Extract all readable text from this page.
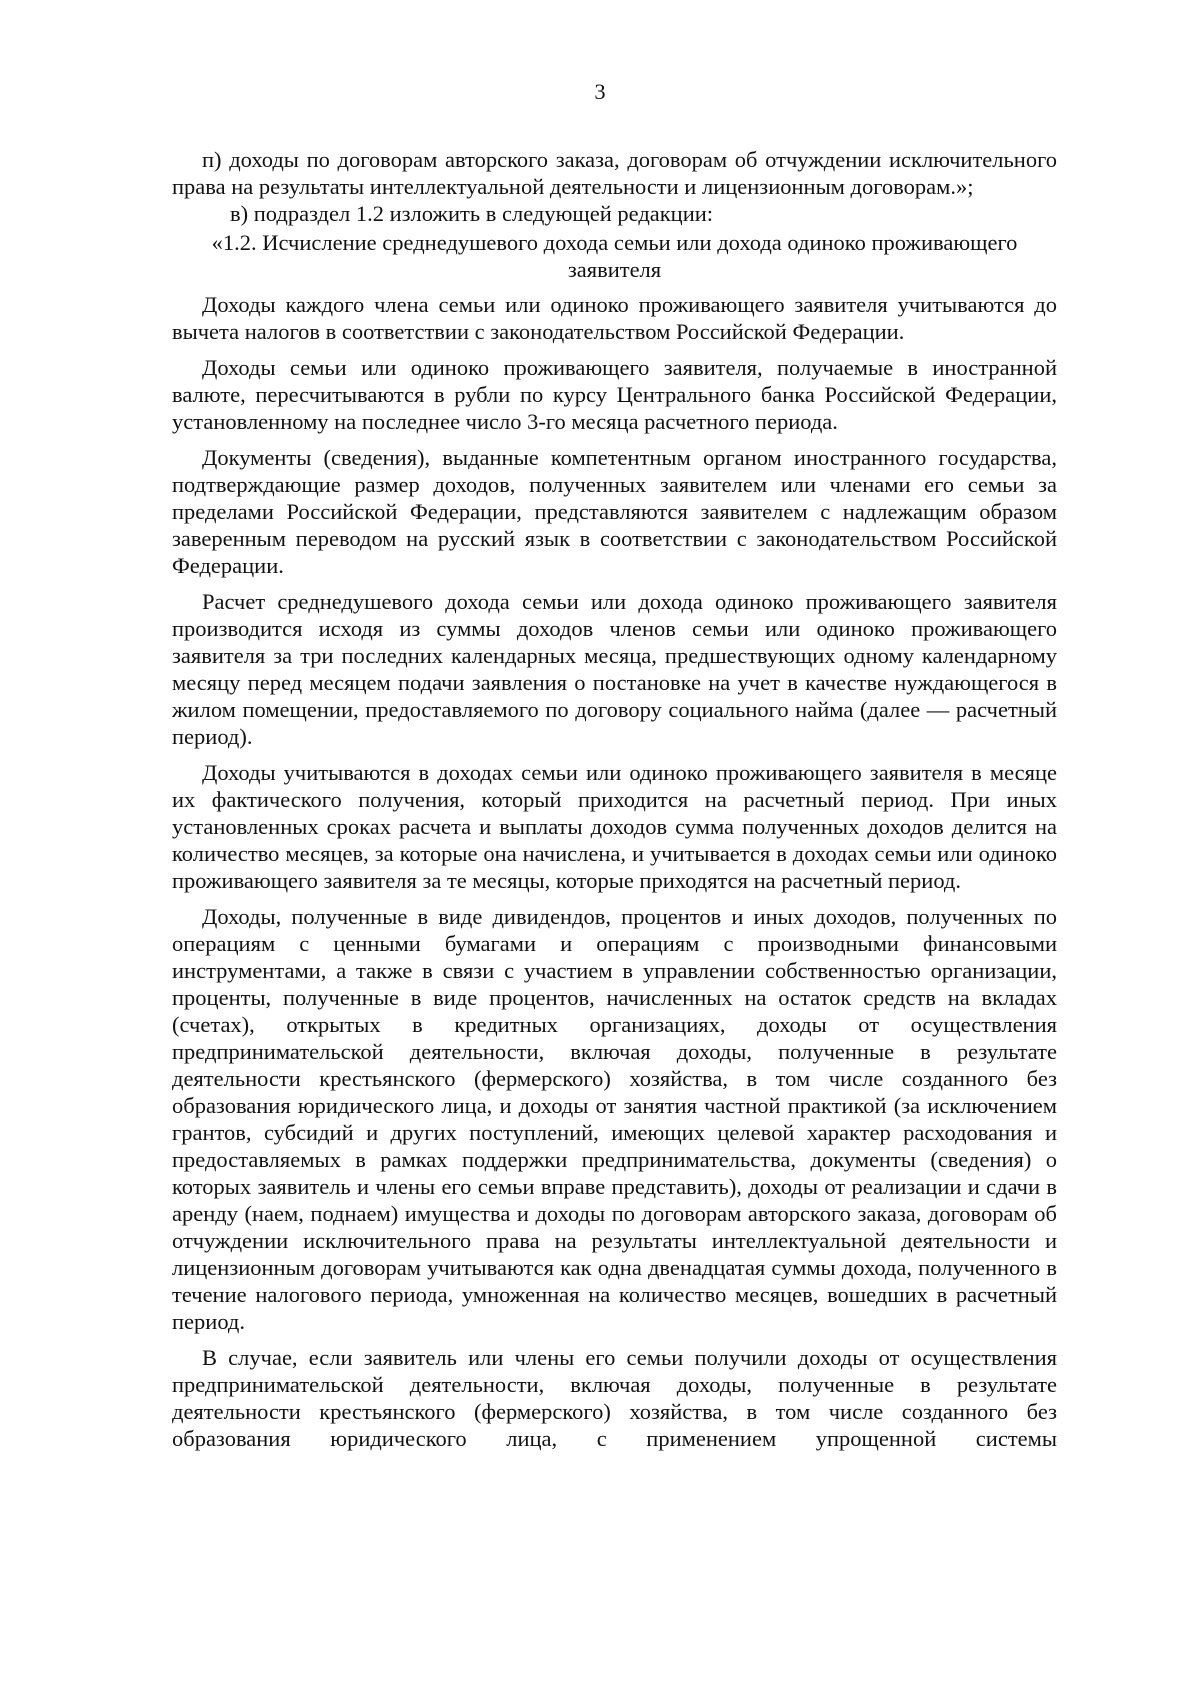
3

п) доходы по договорам авторского заказа, договорам об отчуждении исключительного права на результаты интеллектуальной деятельности и лицензионным договорам.»;

в) подраздел 1.2 изложить в следующей редакции:

«1.2. Исчисление среднедушевого дохода семьи или дохода одиноко проживающего заявителя

Доходы каждого члена семьи или одиноко проживающего заявителя учитываются до вычета налогов в соответствии с законодательством Российской Федерации.

Доходы семьи или одиноко проживающего заявителя, получаемые в иностранной валюте, пересчитываются в рубли по курсу Центрального банка Российской Федерации, установленному на последнее число 3-го месяца расчетного периода.

Документы (сведения), выданные компетентным органом иностранного государства, подтверждающие размер доходов, полученных заявителем или членами его семьи за пределами Российской Федерации, представляются заявителем с надлежащим образом заверенным переводом на русский язык в соответствии с законодательством Российской Федерации.

Расчет среднедушевого дохода семьи или дохода одиноко проживающего заявителя производится исходя из суммы доходов членов семьи или одиноко проживающего заявителя за три последних календарных месяца, предшествующих одному календарному месяцу перед месяцем подачи заявления о постановке на учет в качестве нуждающегося в жилом помещении, предоставляемого по договору социального найма (далее — расчетный период).

Доходы учитываются в доходах семьи или одиноко проживающего заявителя в месяце их фактического получения, который приходится на расчетный период. При иных установленных сроках расчета и выплаты доходов сумма полученных доходов делится на количество месяцев, за которые она начислена, и учитывается в доходах семьи или одиноко проживающего заявителя за те месяцы, которые приходятся на расчетный период.

Доходы, полученные в виде дивидендов, процентов и иных доходов, полученных по операциям с ценными бумагами и операциям с производными финансовыми инструментами, а также в связи с участием в управлении собственностью организации, проценты, полученные в виде процентов, начисленных на остаток средств на вкладах (счетах), открытых в кредитных организациях, доходы от осуществления предпринимательской деятельности, включая доходы, полученные в результате деятельности крестьянского (фермерского) хозяйства, в том числе созданного без образования юридического лица, и доходы от занятия частной практикой (за исключением грантов, субсидий и других поступлений, имеющих целевой характер расходования и предоставляемых в рамках поддержки предпринимательства, документы (сведения) о которых заявитель и члены его семьи вправе представить), доходы от реализации и сдачи в аренду (наем, поднаем) имущества и доходы по договорам авторского заказа, договорам об отчуждении исключительного права на результаты интеллектуальной деятельности и лицензионным договорам учитываются как одна двенадцатая суммы дохода, полученного в течение налогового периода, умноженная на количество месяцев, вошедших в расчетный период.

В случае, если заявитель или члены его семьи получили доходы от осуществления предпринимательской деятельности, включая доходы, полученные в результате деятельности крестьянского (фермерского) хозяйства, в том числе созданного без образования юридического лица, с применением упрощенной системы
